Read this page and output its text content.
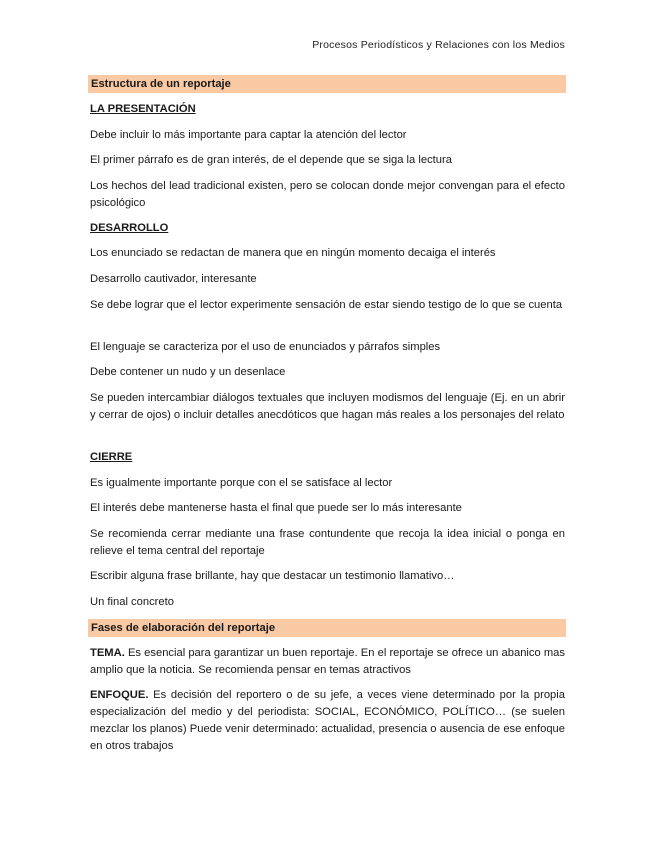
Procesos Periodísticos y Relaciones con los Medios
Estructura de un reportaje
LA PRESENTACIÓN
Debe incluir lo más importante para captar la atención del lector
El primer párrafo es de gran interés, de el depende que se siga la lectura
Los hechos del lead tradicional existen, pero se colocan donde mejor convengan para el efecto psicológico
DESARROLLO
Los enunciado se redactan de manera que en ningún momento decaiga el interés
Desarrollo cautivador, interesante
Se debe lograr que el lector experimente sensación de estar siendo testigo de lo que se cuenta
El lenguaje se caracteriza por el uso de enunciados y párrafos simples
Debe contener un nudo y un desenlace
Se pueden intercambiar diálogos textuales que incluyen modismos del lenguaje (Ej. en un abrir y cerrar de ojos) o incluir detalles anecdóticos que hagan más reales a los personajes del relato
CIERRE
Es igualmente importante porque con el se satisface al lector
El interés debe mantenerse hasta el final que puede ser lo más interesante
Se recomienda cerrar mediante una frase contundente que recoja la idea inicial o ponga en relieve el tema central del reportaje
Escribir alguna frase brillante, hay que destacar un testimonio llamativo…
Un final concreto
Fases de elaboración del reportaje
TEMA. Es esencial para garantizar un buen reportaje. En el reportaje se ofrece un abanico mas amplio que la noticia. Se recomienda pensar en temas atractivos
ENFOQUE. Es decisión del reportero o de su jefe, a veces viene determinado por la propia especialización del medio y del periodista: SOCIAL, ECONÓMICO, POLÍTICO… (se suelen mezclar los planos) Puede venir determinado: actualidad, presencia o ausencia de ese enfoque en otros trabajos
